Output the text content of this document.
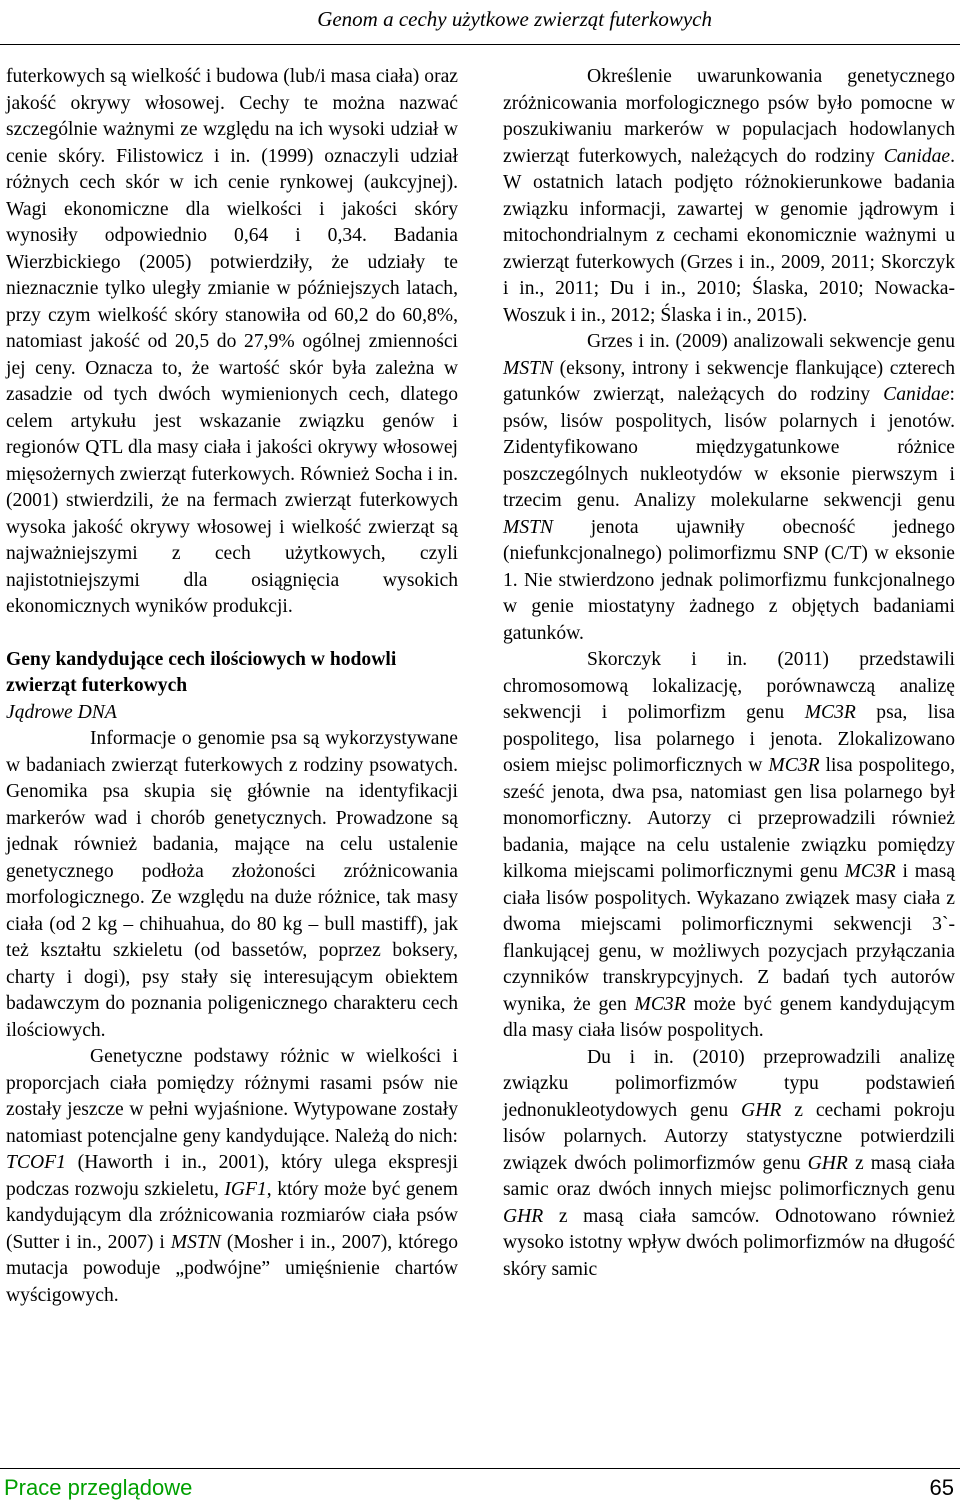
Genom a cechy użytkowe zwierząt futerkowych

futerkowych są wielkość i budowa (lub/i masa ciała) oraz jakość okrywy włosowej. Cechy te można nazwać szczególnie ważnymi ze względu na ich wysoki udział w cenie skóry. Filistowicz i in. (1999) oznaczyli udział różnych cech skór w ich cenie rynkowej (aukcyjnej). Wagi ekonomiczne dla wielkości i jakości skóry wynosiły odpowiednio 0,64 i 0,34. Badania Wierzbickiego (2005) potwierdziły, że udziały te nieznacznie tylko uległy zmianie w późniejszych latach, przy czym wielkość skóry stanowiła od 60,2 do 60,8%, natomiast jakość od 20,5 do 27,9% ogólnej zmienności jej ceny. Oznacza to, że wartość skór była zależna w zasadzie od tych dwóch wymienionych cech, dlatego celem artykułu jest wskazanie związku genów i regionów QTL dla masy ciała i jakości okrywy włosowej mięsożernych zwierząt futerkowych. Również Socha i in. (2001) stwierdzili, że na fermach zwierząt futerkowych wysoka jakość okrywy włosowej i wielkość zwierząt są najważniejszymi z cech użytkowych, czyli najistotniejszymi dla osiągnięcia wysokich ekonomicznych wyników produkcji.

Geny kandydujące cech ilościowych w hodowli zwierząt futerkowych

Jądrowe DNA

Informacje o genomie psa są wykorzystywane w badaniach zwierząt futerkowych z rodziny psowatych. Genomika psa skupia się głównie na identyfikacji markerów wad i chorób genetycznych. Prowadzone są jednak również badania, mające na celu ustalenie genetycznego podłoża złożoności zróżnicowania morfologicznego. Ze względu na duże różnice, tak masy ciała (od 2 kg – chihuahua, do 80 kg – bull mastiff), jak też kształtu szkieletu (od bassetów, poprzez boksery, charty i dogi), psy stały się interesującym obiektem badawczym do poznania poligenicznego charakteru cech ilościowych.

Genetyczne podstawy różnic w wielkości i proporcjach ciała pomiędzy różnymi rasami psów nie zostały jeszcze w pełni wyjaśnione. Wytypowane zostały natomiast potencjalne geny kandydujące. Należą do nich: TCOF1 (Haworth i in., 2001), który ulega ekspresji podczas rozwoju szkieletu, IGF1, który może być genem kandydującym dla zróżnicowania rozmiarów ciała psów (Sutter i in., 2007) i MSTN (Mosher i in., 2007), którego mutacja powoduje „podwójne” umięśnienie chartów wyścigowych.

Określenie uwarunkowania genetycznego zróżnicowania morfologicznego psów było pomocne w poszukiwaniu markerów w populacjach hodowlanych zwierząt futerkowych, należących do rodziny Canidae. W ostatnich latach podjęto różnokierunkowe badania związku informacji, zawartej w genomie jądrowym i mitochondrialnym z cechami ekonomicznie ważnymi u zwierząt futerkowych (Grzes i in., 2009, 2011; Skorczyk i in., 2011; Du i in., 2010; Ślaska, 2010; Nowacka-Woszuk i in., 2012; Ślaska i in., 2015).

Grzes i in. (2009) analizowali sekwencje genu MSTN (eksony, introny i sekwencje flankujące) czterech gatunków zwierząt, należących do rodziny Canidae: psów, lisów pospolitych, lisów polarnych i jenotów. Zidentyfikowano międzygatunkowe różnice poszczególnych nukleotydów w eksonie pierwszym i trzecim genu. Analizy molekularne sekwencji genu MSTN jenota ujawniły obecność jednego (niefunkcjonalnego) polimorfizmu SNP (C/T) w eksonie 1. Nie stwierdzono jednak polimorfizmu funkcjonalnego w genie miostatyny żadnego z objętych badaniami gatunków.

Skorczyk i in. (2011) przedstawili chromosomową lokalizację, porównawczą analizę sekwencji i polimorfizm genu MC3R psa, lisa pospolitego, lisa polarnego i jenota. Zlokalizowano osiem miejsc polimorficznych w MC3R lisa pospolitego, sześć jenota, dwa psa, natomiast gen lisa polarnego był monomorficzny. Autorzy ci przeprowadzili również badania, mające na celu ustalenie związku pomiędzy kilkoma miejscami polimorficznymi genu MC3R i masą ciała lisów pospolitych. Wykazano związek masy ciała z dwoma miejscami polimorficznymi sekwencji 3`-flankującej genu, w możliwych pozycjach przyłączania czynników transkrypcyjnych. Z badań tych autorów wynika, że gen MC3R może być genem kandydującym dla masy ciała lisów pospolitych.

Du i in. (2010) przeprowadzili analizę związku polimorfizmów typu podstawień jednonukleotydowych genu GHR z cechami pokroju lisów polarnych. Autorzy statystyczne potwierdzili związek dwóch polimorfizmów genu GHR z masą ciała samic oraz dwóch innych miejsc polimorficznych genu GHR z masą ciała samców. Odnotowano również wysoko istotny wpływ dwóch polimorfizmów na długość skóry samic

Prace przeglądowe	65
